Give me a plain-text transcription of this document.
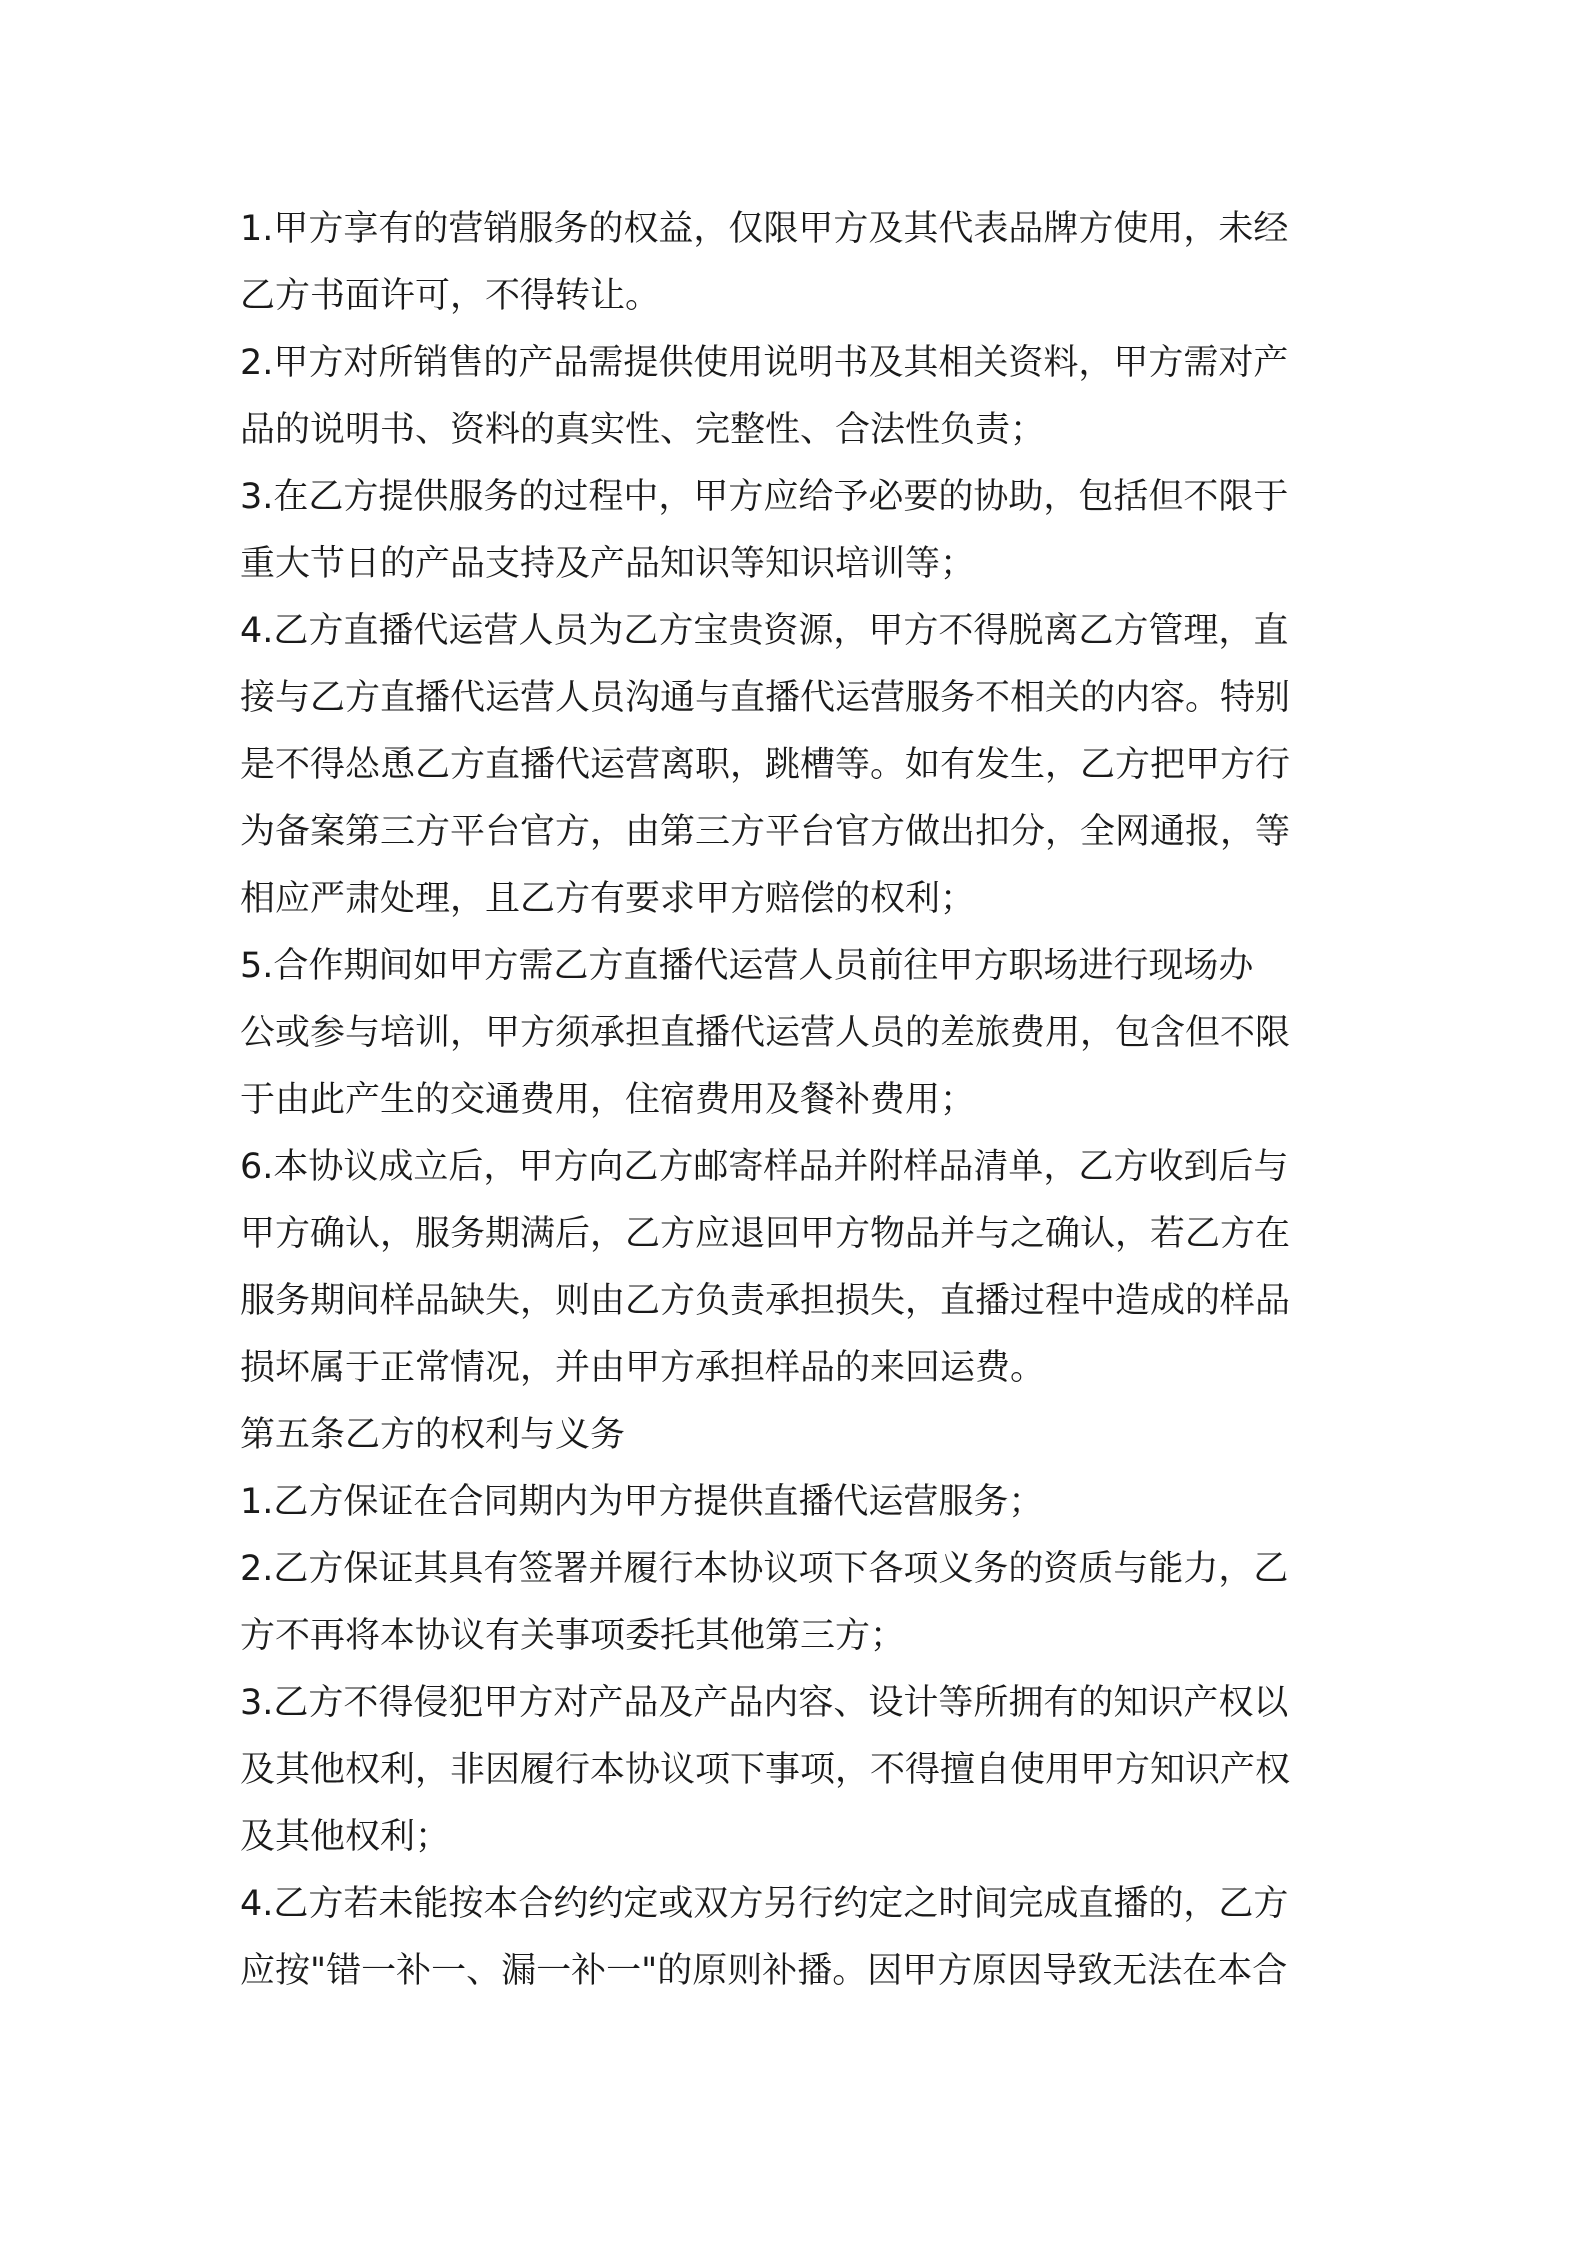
1.甲方享有的营销服务的权益，仅限甲方及其代表品牌方使用，未经
乙方书面许可，不得转让。

2.甲方对所销售的产品需提供使用说明书及其相关资料，甲方需对产
品的说明书、资料的真实性、完整性、合法性负责；

3.在乙方提供服务的过程中，甲方应给予必要的协助，包括但不限于
重大节日的产品支持及产品知识等知识培训等；

4.乙方直播代运营人员为乙方宝贵资源，甲方不得脱离乙方管理，直
接与乙方直播代运营人员沟通与直播代运营服务不相关的内容。特别
是不得怂恿乙方直播代运营离职，跳槽等。如有发生，乙方把甲方行
为备案第三方平台官方，由第三方平台官方做出扣分，全网通报，等
相应严肃处理，且乙方有要求甲方赔偿的权利；

5.合作期间如甲方需乙方直播代运营人员前往甲方职场进行现场办
公或参与培训，甲方须承担直播代运营人员的差旅费用，包含但不限
于由此产生的交通费用，住宿费用及餐补费用；

6.本协议成立后，甲方向乙方邮寄样品并附样品清单，乙方收到后与
甲方确认，服务期满后，乙方应退回甲方物品并与之确认，若乙方在
服务期间样品缺失，则由乙方负责承担损失，直播过程中造成的样品
损坏属于正常情况，并由甲方承担样品的来回运费。

第五条乙方的权利与义务

1.乙方保证在合同期内为甲方提供直播代运营服务；

2.乙方保证其具有签署并履行本协议项下各项义务的资质与能力，乙
方不再将本协议有关事项委托其他第三方；

3.乙方不得侵犯甲方对产品及产品内容、设计等所拥有的知识产权以
及其他权利，非因履行本协议项下事项，不得擅自使用甲方知识产权
及其他权利；

4.乙方若未能按本合约约定或双方另行约定之时间完成直播的，乙方
应按"错一补一、漏一补一"的原则补播。因甲方原因导致无法在本合
